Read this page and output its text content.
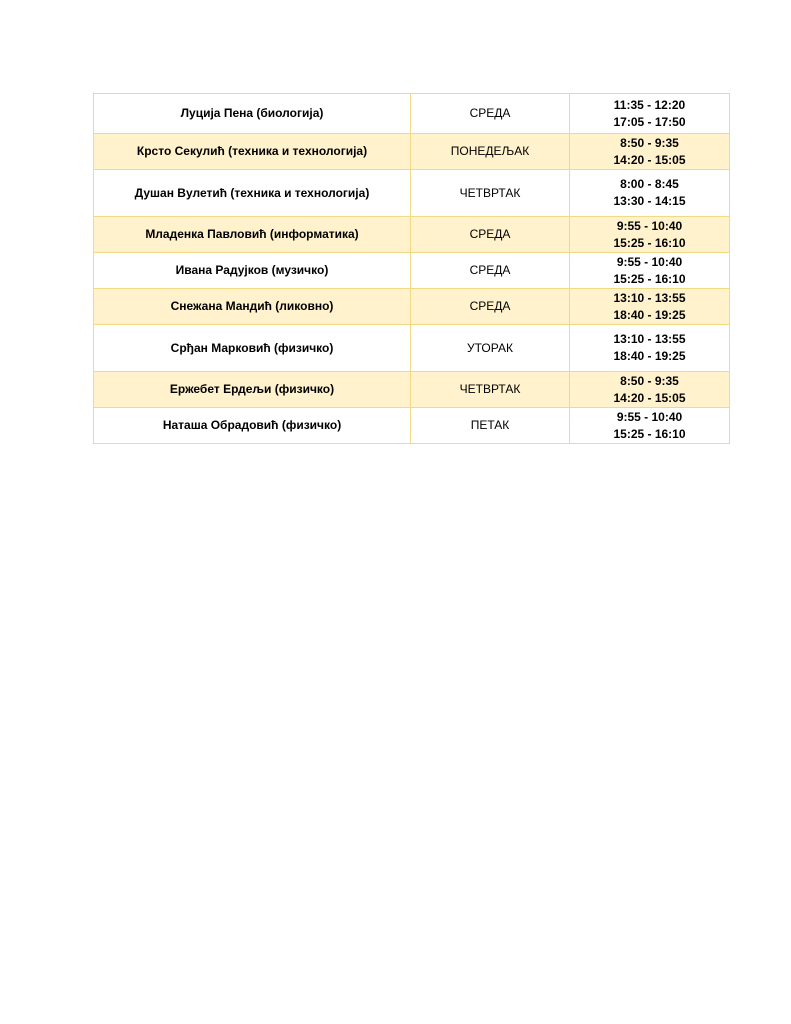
Луција Пена (биологија)	СРЕДА	11:35 - 12:20
17:05 - 17:50

Крсто Секулић (техника и технологија)	ПОНЕДЕЉАК	8:50 - 9:35
14:20 - 15:05

Душан Вулетић (техника и технологија)	ЧЕТВРТАК	8:00 - 8:45
13:30 - 14:15

Младенка Павловић (информатика)	СРЕДА	9:55 - 10:40
15:25 - 16:10

Ивана Радујков (музичко)	СРЕДА	9:55 - 10:40
15:25 - 16:10

Снежана Мандић (ликовно)	СРЕДА	13:10 - 13:55
18:40 - 19:25

Срђан Марковић (физичко)	УТОРАК	13:10 - 13:55
18:40 - 19:25

Ержебет Ердељи (физичко)	ЧЕТВРТАК	8:50 - 9:35
14:20 - 15:05

Наташа Обрадовић (физичко)	ПЕТАК	9:55 - 10:40
15:25 - 16:10
